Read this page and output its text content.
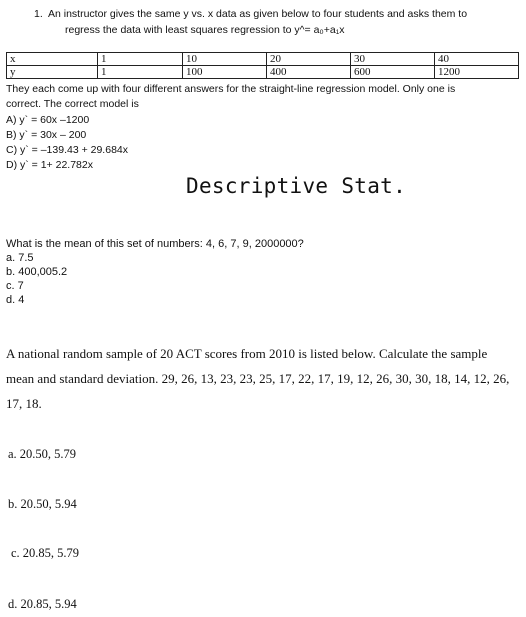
1. An instructor gives the same y vs. x data as given below to four students and asks them to
regress the data with least squares regression to y^= a₀+a₁x
x	1	10	20	30	40
y	1	100	400	600	1200
They each come up with four different answers for the straight-line regression model. Only one is
correct. The correct model is
A) y` = 60x –1200
B) y` = 30x – 200
C) y` = –139.43 + 29.684x
D) y` = 1+ 22.782x
Descriptive Stat.
What is the mean of this set of numbers: 4, 6, 7, 9, 2000000?
a. 7.5
b. 400,005.2
c. 7
d. 4
A national random sample of 20 ACT scores from 2010 is listed below. Calculate the sample
mean and standard deviation. 29, 26, 13, 23, 23, 25, 17, 22, 17, 19, 12, 26, 30, 30, 18, 14, 12, 26,
17, 18.
a. 20.50, 5.79
b. 20.50, 5.94
c. 20.85, 5.79
d. 20.85, 5.94
